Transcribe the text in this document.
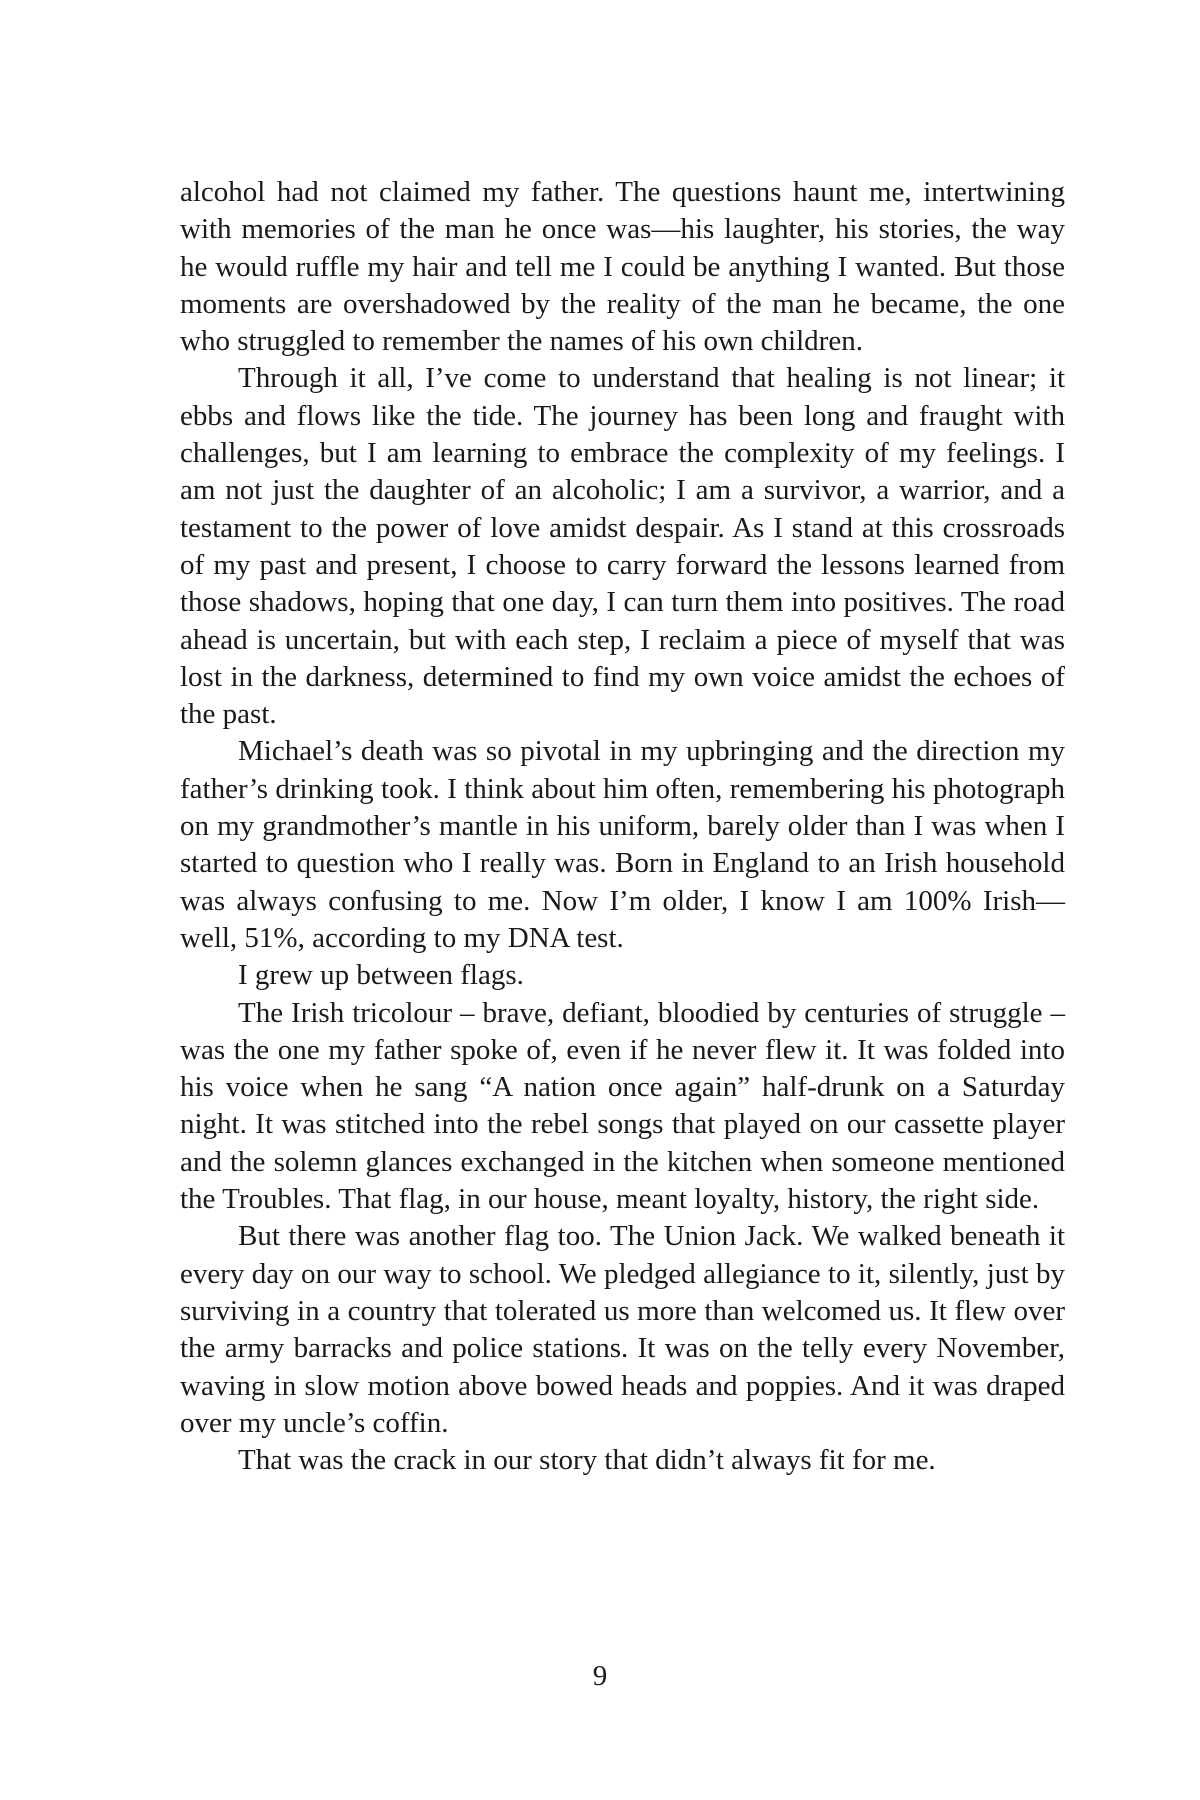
alcohol had not claimed my father. The questions haunt me, intertwining with memories of the man he once was—his laughter, his stories, the way he would ruffle my hair and tell me I could be anything I wanted. But those moments are overshadowed by the reality of the man he became, the one who struggled to remember the names of his own children.

Through it all, I’ve come to understand that healing is not linear; it ebbs and flows like the tide. The journey has been long and fraught with challenges, but I am learning to embrace the complexity of my feelings. I am not just the daughter of an alcoholic; I am a survivor, a warrior, and a testament to the power of love amidst despair. As I stand at this crossroads of my past and present, I choose to carry forward the lessons learned from those shadows, hoping that one day, I can turn them into positives. The road ahead is uncertain, but with each step, I reclaim a piece of myself that was lost in the darkness, determined to find my own voice amidst the echoes of the past.

Michael’s death was so pivotal in my upbringing and the direction my father’s drinking took. I think about him often, remembering his photograph on my grandmother’s mantle in his uniform, barely older than I was when I started to question who I really was. Born in England to an Irish household was always confusing to me. Now I’m older, I know I am 100% Irish—well, 51%, according to my DNA test.

I grew up between flags.

The Irish tricolour – brave, defiant, bloodied by centuries of struggle – was the one my father spoke of, even if he never flew it. It was folded into his voice when he sang “A nation once again” half-drunk on a Saturday night. It was stitched into the rebel songs that played on our cassette player and the solemn glances exchanged in the kitchen when someone mentioned the Troubles. That flag, in our house, meant loyalty, history, the right side.

But there was another flag too. The Union Jack. We walked beneath it every day on our way to school. We pledged allegiance to it, silently, just by surviving in a country that tolerated us more than welcomed us. It flew over the army barracks and police stations. It was on the telly every November, waving in slow motion above bowed heads and poppies. And it was draped over my uncle’s coffin.

That was the crack in our story that didn’t always fit for me.

9
